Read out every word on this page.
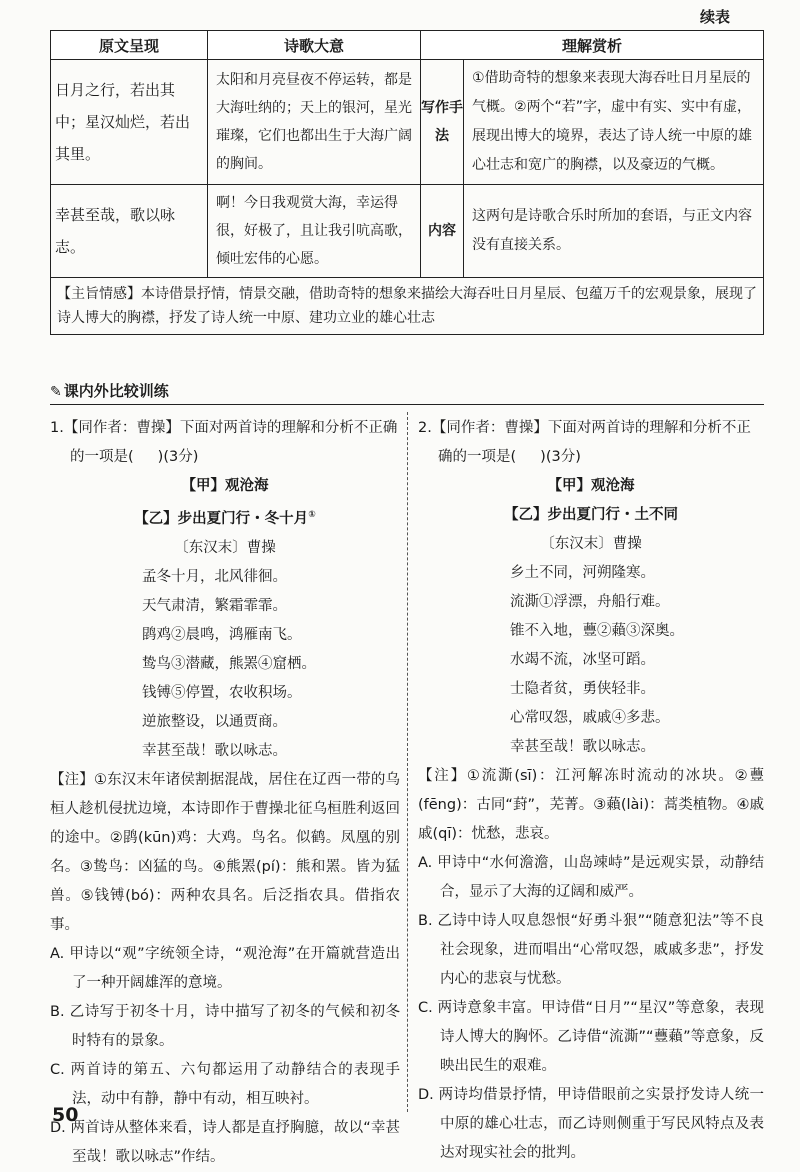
续表
原文呈现	诗歌大意	理解赏析	
日月之行，若出其中；星汉灿烂，若出其里。	太阳和月亮昼夜不停运转，都是大海吐纳的；天上的银河，星光璀璨，它们也都出生于大海广阔的胸间。	写作手法	①借助奇特的想象来表现大海吞吐日月星辰的气概。②两个“若”字，虚中有实、实中有虚，展现出博大的境界，表达了诗人统一中原的雄心壮志和宽广的胸襟，以及豪迈的气概。
幸甚至哉，歌以咏志。	啊！今日我观赏大海，幸运得很，好极了，且让我引吭高歌，倾吐宏伟的心愿。	内容	这两句是诗歌合乐时所加的套语，与正文内容没有直接关系。
【主旨情感】本诗借景抒情，情景交融，借助奇特的想象来描绘大海吞吐日月星辰、包蕴万千的宏观景象，展现了诗人博大的胸襟，抒发了诗人统一中原、建功立业的雄心壮志			
✎ 课内外比较训练
1.【同作者：曹操】下面对两首诗的理解和分析不正确的一项是( )(3分)
【甲】观沧海
【乙】步出夏门行・冬十月①
〔东汉末〕曹操
孟冬十月，北风徘徊。
天气肃清，繁霜霏霏。
鹍鸡②晨鸣，鸿雁南飞。
鸷鸟③潜藏，熊罴④窟栖。
钱镈⑤停置，农收积场。
逆旅整设，以通贾商。
幸甚至哉！歌以咏志。
【注】①东汉末年诸侯割据混战，居住在辽西一带的乌桓人趁机侵扰边境，本诗即作于曹操北征乌桓胜利返回的途中。②鹍(kūn)鸡：大鸡。鸟名。似鹤。凤凰的别名。③鸷鸟：凶猛的鸟。④熊罴(pí)：熊和罴。皆为猛兽。⑤钱镈(bó)：两种农具名。后泛指农具。借指农事。
A. 甲诗以“观”字统领全诗，“观沧海”在开篇就营造出了一种开阔雄浑的意境。
B. 乙诗写于初冬十月，诗中描写了初冬的气候和初冬时特有的景象。
C. 两首诗的第五、六句都运用了动静结合的表现手法，动中有静，静中有动，相互映衬。
D. 两首诗从整体来看，诗人都是直抒胸臆，故以“幸甚至哉！歌以咏志”作结。
2.【同作者：曹操】下面对两首诗的理解和分析不正确的一项是( )(3分)
【甲】观沧海
【乙】步出夏门行・土不同
〔东汉末〕曹操
乡土不同，河朔隆寒。
流澌①浮漂，舟船行难。
锥不入地，蘴②藾③深奥。
水竭不流，冰坚可蹈。
士隐者贫，勇侠轻非。
心常叹怨，戚戚④多悲。
幸甚至哉！歌以咏志。
【注】①流澌(sī)：江河解冻时流动的冰块。②蘴(fēng)：古同“葑”，芜菁。③藾(lài)：蒿类植物。④戚戚(qī)：忧愁，悲哀。
A. 甲诗中“水何澹澹，山岛竦峙”是远观实景，动静结合，显示了大海的辽阔和威严。
B. 乙诗中诗人叹息怨恨“好勇斗狠”“随意犯法”等不良社会现象，进而唱出“心常叹怨，戚戚多悲”，抒发内心的悲哀与忧愁。
C. 两诗意象丰富。甲诗借“日月”“星汉”等意象，表现诗人博大的胸怀。乙诗借“流澌”“蘴藾”等意象，反映出民生的艰难。
D. 两诗均借景抒情，甲诗借眼前之实景抒发诗人统一中原的雄心壮志，而乙诗则侧重于写民风特点及表达对现实社会的批判。
50
